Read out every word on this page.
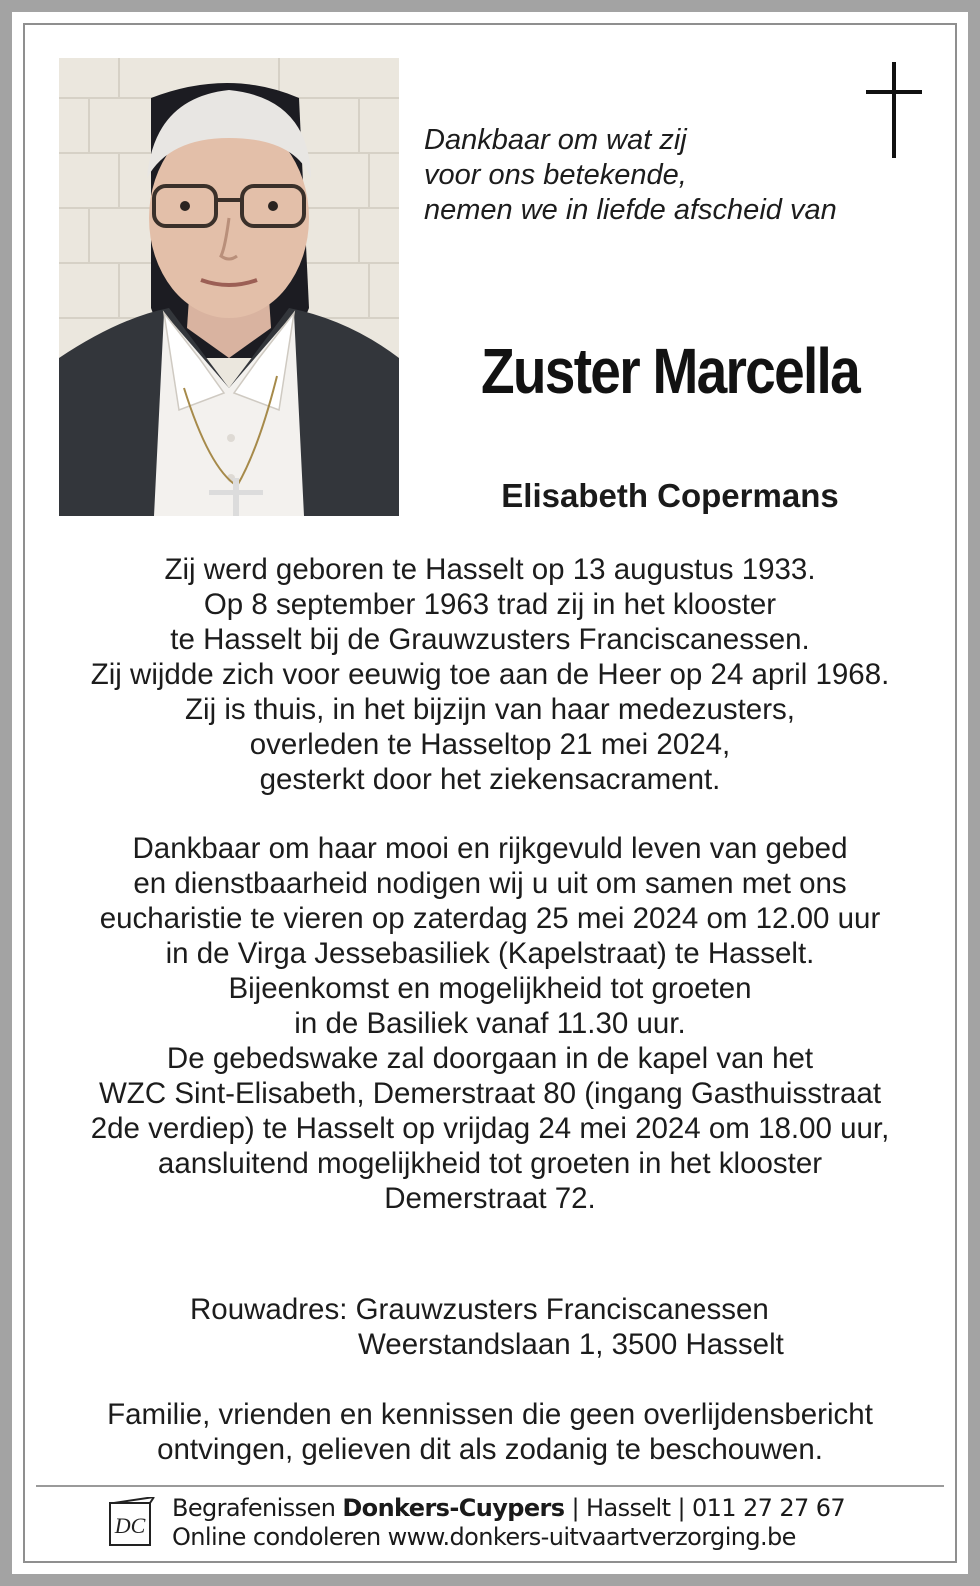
Dankbaar om wat zij
voor ons betekende,
nemen we in liefde afscheid van
Zuster Marcella
Elisabeth Copermans
Zij werd geboren te Hasselt op 13 augustus 1933.
Op 8 september 1963 trad zij in het klooster
te Hasselt bij de Grauwzusters Franciscanessen.
Zij wijdde zich voor eeuwig toe aan de Heer op 24 april 1968.
Zij is thuis, in het bijzijn van haar medezusters,
overleden te Hasseltop 21 mei 2024,
gesterkt door het ziekensacrament.
Dankbaar om haar mooi en rijkgevuld leven van gebed
en dienstbaarheid nodigen wij u uit om samen met ons
eucharistie te vieren op zaterdag 25 mei 2024 om 12.00 uur
in de Virga Jessebasiliek (Kapelstraat) te Hasselt.
Bijeenkomst en mogelijkheid tot groeten
in de Basiliek vanaf 11.30 uur.
De gebedswake zal doorgaan in de kapel van het
WZC Sint-Elisabeth, Demerstraat 80 (ingang Gasthuisstraat
2de verdiep) te Hasselt op vrijdag 24 mei 2024 om 18.00 uur,
aansluitend mogelijkheid tot groeten in het klooster
Demerstraat 72.
Rouwadres: Grauwzusters Franciscanessen
Weerstandslaan 1, 3500 Hasselt
Familie, vrienden en kennissen die geen overlijdensbericht
ontvingen, gelieven dit als zodanig te beschouwen.
DC
Begrafenissen Donkers-Cuypers | Hasselt | 011 27 27 67
Online condoleren www.donkers-uitvaartverzorging.be
